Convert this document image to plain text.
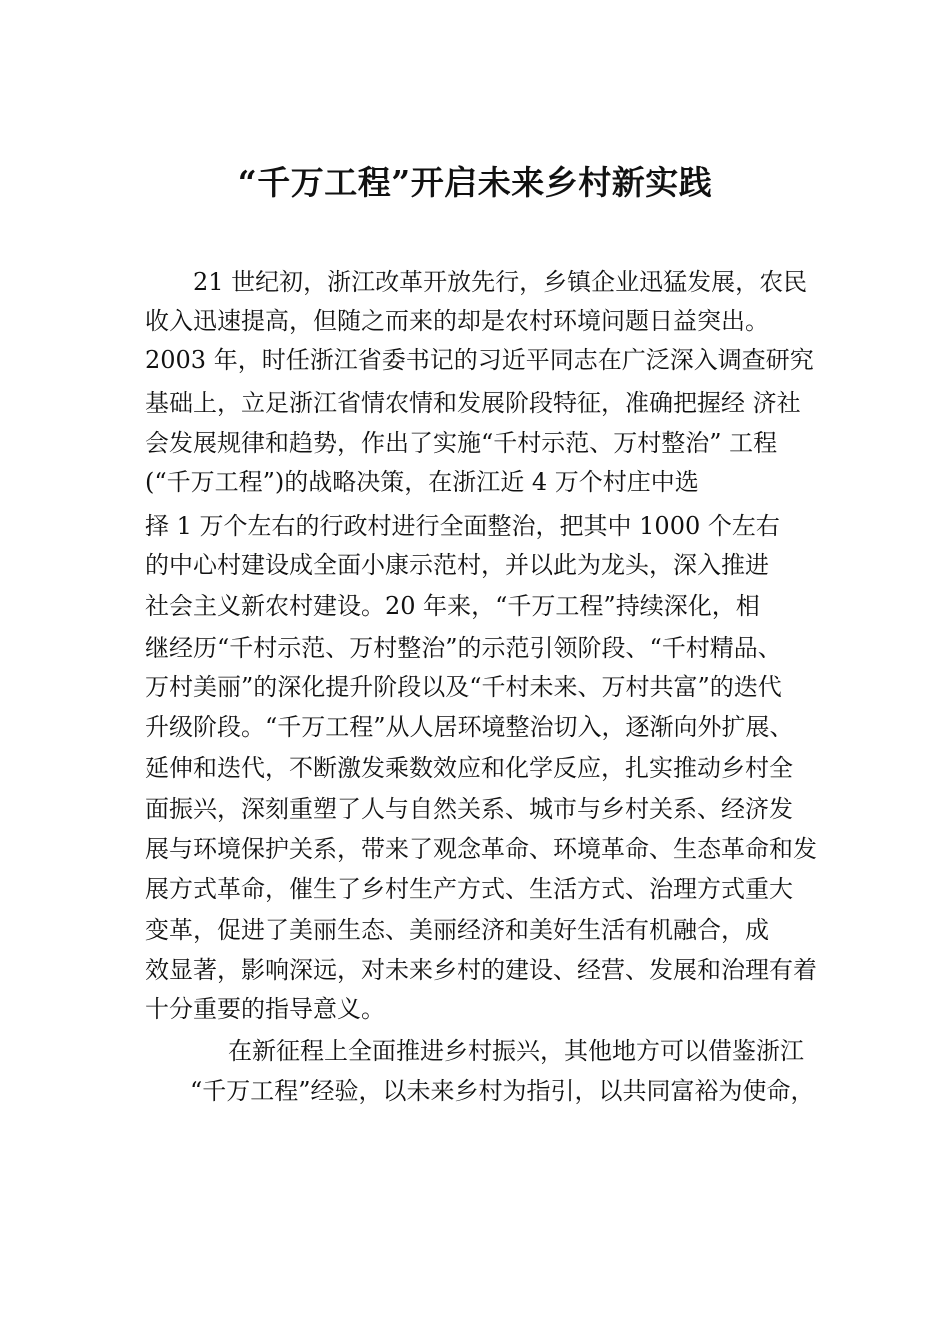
“千万工程”开启未来乡村新实践
21 世纪初，浙江改革开放先行，乡镇企业迅猛发展，农民
收入迅速提高，但随之而来的却是农村环境问题日益突出。
2003 年，时任浙江省委书记的习近平同志在广泛深入调查研究
基础上，立足浙江省情农情和发展阶段特征，准确把握经 济社
会发展规律和趋势，作出了实施“千村示范、万村整治” 工程
(“千万工程”)的战略决策，在浙江近 4 万个村庄中选
择 1 万个左右的行政村进行全面整治，把其中 1000 个左右
的中心村建设成全面小康示范村，并以此为龙头，深入推进
社会主义新农村建设。20 年来，“千万工程”持续深化，相
继经历“千村示范、万村整治”的示范引领阶段、“千村精品、
万村美丽”的深化提升阶段以及“千村未来、万村共富”的迭代
升级阶段。“千万工程”从人居环境整治切入，逐渐向外扩展、
延伸和迭代，不断激发乘数效应和化学反应，扎实推动乡村全
面振兴，深刻重塑了人与自然关系、城市与乡村关系、经济发
展与环境保护关系，带来了观念革命、环境革命、生态革命和发
展方式革命，催生了乡村生产方式、生活方式、治理方式重大
变革，促进了美丽生态、美丽经济和美好生活有机融合，成
效显著，影响深远，对未来乡村的建设、经营、发展和治理有着
十分重要的指导意义。
在新征程上全面推进乡村振兴，其他地方可以借鉴浙江
“千万工程”经验，以未来乡村为指引，以共同富裕为使命，
